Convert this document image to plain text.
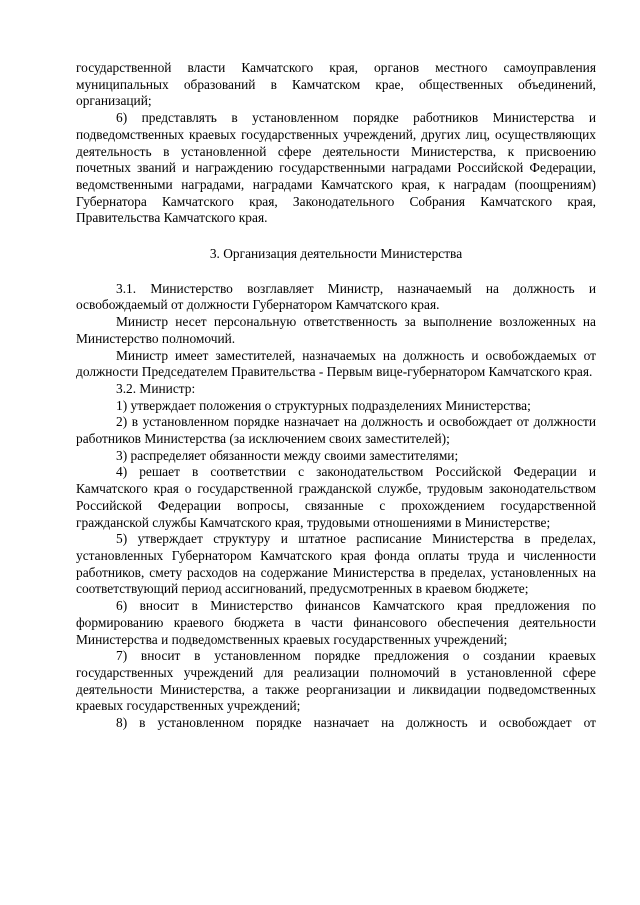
государственной власти Камчатского края, органов местного самоуправления муниципальных образований в Камчатском крае, общественных объединений, организаций;

6) представлять в установленном порядке работников Министерства и подведомственных краевых государственных учреждений, других лиц, осуществляющих деятельность в установленной сфере деятельности Министерства, к присвоению почетных званий и награждению государственными наградами Российской Федерации, ведомственными наградами, наградами Камчатского края, к наградам (поощрениям) Губернатора Камчатского края, Законодательного Собрания Камчатского края, Правительства Камчатского края.

3. Организация деятельности Министерства

3.1. Министерство возглавляет Министр, назначаемый на должность и освобождаемый от должности Губернатором Камчатского края.

Министр несет персональную ответственность за выполнение возложенных на Министерство полномочий.

Министр имеет заместителей, назначаемых на должность и освобождаемых от должности Председателем Правительства - Первым вице-губернатором Камчатского края.

3.2. Министр:

1) утверждает положения о структурных подразделениях Министерства;

2) в установленном порядке назначает на должность и освобождает от должности работников Министерства (за исключением своих заместителей);

3) распределяет обязанности между своими заместителями;

4) решает в соответствии с законодательством Российской Федерации и Камчатского края о государственной гражданской службе, трудовым законодательством Российской Федерации вопросы, связанные с прохождением государственной гражданской службы Камчатского края, трудовыми отношениями в Министерстве;

5) утверждает структуру и штатное расписание Министерства в пределах, установленных Губернатором Камчатского края фонда оплаты труда и численности работников, смету расходов на содержание Министерства в пределах, установленных на соответствующий период ассигнований, предусмотренных в краевом бюджете;

6) вносит в Министерство финансов Камчатского края предложения по формированию краевого бюджета в части финансового обеспечения деятельности Министерства и подведомственных краевых государственных учреждений;

7) вносит в установленном порядке предложения о создании краевых государственных учреждений для реализации полномочий в установленной сфере деятельности Министерства, а также реорганизации и ликвидации подведомственных краевых государственных учреждений;

8) в установленном порядке назначает на должность и освобождает от
